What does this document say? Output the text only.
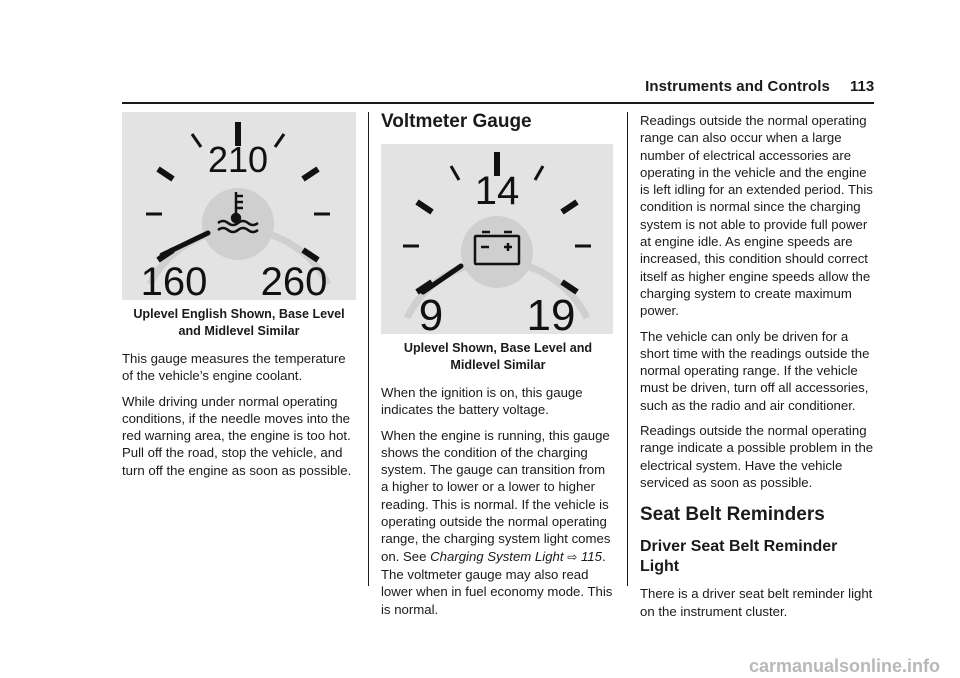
Instruments and Controls 113
210
160 260
Uplevel English Shown, Base Level and Midlevel Similar

This gauge measures the temperature of the vehicle’s engine coolant.

While driving under normal operating conditions, if the needle moves into the red warning area, the engine is too hot. Pull off the road, stop the vehicle, and turn off the engine as soon as possible.

Voltmeter Gauge
14
9 19
Uplevel Shown, Base Level and Midlevel Similar

When the ignition is on, this gauge indicates the battery voltage.

When the engine is running, this gauge shows the condition of the charging system. The gauge can transition from a higher to lower or a lower to higher reading. This is normal. If the vehicle is operating outside the normal operating range, the charging system light comes on. See Charging System Light ⇨ 115. The voltmeter gauge may also read lower when in fuel economy mode. This is normal.

Readings outside the normal operating range can also occur when a large number of electrical accessories are operating in the vehicle and the engine is left idling for an extended period. This condition is normal since the charging system is not able to provide full power at engine idle. As engine speeds are increased, this condition should correct itself as higher engine speeds allow the charging system to create maximum power.

The vehicle can only be driven for a short time with the readings outside the normal operating range. If the vehicle must be driven, turn off all accessories, such as the radio and air conditioner.

Readings outside the normal operating range indicate a possible problem in the electrical system. Have the vehicle serviced as soon as possible.

Seat Belt Reminders
Driver Seat Belt Reminder Light

There is a driver seat belt reminder light on the instrument cluster.

carmanualsonline.info
